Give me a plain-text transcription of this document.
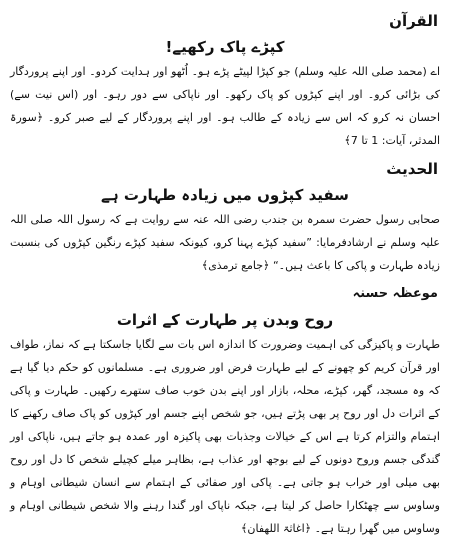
القرآن
کپڑے پاک رکھیے!

اے (محمد صلی اللہ علیہ وسلم) جو کپڑا لپیٹے پڑے ہو۔ اُٹھو اور ہدایت کردو۔ اور اپنے پروردگار کی بڑائی کرو۔ اور اپنے کپڑوں کو پاک رکھو۔ اور ناپاکی سے دور رہو۔ اور (اس نیت سے) احسان نہ کرو کہ اس سے زیادہ کے طالب ہو۔ اور اپنے پروردگار کے لیے صبر کرو۔ ﴿سورۃ المدثر، آیات: 1 تا 7﴾

الحدیث
سفید کپڑوں میں زیادہ طہارت ہے

صحابی رسول حضرت سمرہ بن جندب رضی اللہ عنہ سے روایت ہے کہ رسول اللہ صلی اللہ علیہ وسلم نے ارشادفرمایا: ”سفید کپڑے پہنا کرو، کیونکہ سفید کپڑے رنگین کپڑوں کی بنسبت زیادہ طہارت و پاکی کا باعث ہیں۔“ ﴿جامع ترمذی﴾

موعظہ حسنہ
روح وبدن پر طہارت کے اثرات

طہارت و پاکیزگی کی اہمیت وضرورت کا اندازہ اس بات سے لگایا جاسکتا ہے کہ نماز، طواف اور قرآن کریم کو چھونے کے لیے طہارت فرض اور ضروری ہے۔ مسلمانوں کو حکم دیا گیا ہے کہ وہ مسجد، گھر، کپڑے، محلہ، بازار اور اپنے بدن خوب صاف ستھرے رکھیں۔ طہارت و پاکی کے اثرات دل اور روح پر بھی پڑتے ہیں، جو شخص اپنے جسم اور کپڑوں کو پاک صاف رکھنے کا اہتمام والتزام کرتا ہے اس کے خیالات وجذبات بھی پاکیزہ اور عمدہ ہو جاتے ہیں، ناپاکی اور گندگی جسم وروح دونوں کے لیے بوجھ اور عذاب ہے، بظاہر میلے کچیلے شخص کا دل اور روح بھی میلی اور خراب ہو جاتی ہے۔ پاکی اور صفائی کے اہتمام سے انسان شیطانی اوہام و وساوس سے چھٹکارا حاصل کر لیتا ہے، جبکہ ناپاک اور گندا رہنے والا شخص شیطانی اوہام و وساوس میں گھرا رہتا ہے۔ ﴿اغاثۃ اللھفان﴾
